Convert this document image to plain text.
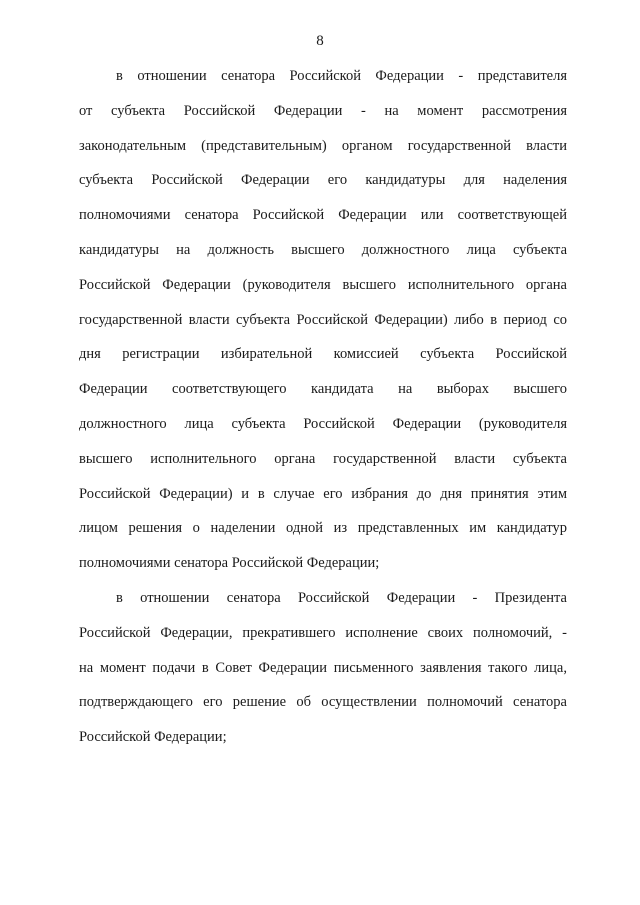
8
в отношении сенатора Российской Федерации - представителя
от субъекта Российской Федерации - на момент рассмотрения
законодательным (представительным) органом государственной власти
субъекта Российской Федерации его кандидатуры для наделения
полномочиями сенатора Российской Федерации или соответствующей
кандидатуры на должность высшего должностного лица субъекта
Российской Федерации (руководителя высшего исполнительного органа
государственной власти субъекта Российской Федерации) либо в период со
дня регистрации избирательной комиссией субъекта Российской
Федерации соответствующего кандидата на выборах высшего
должностного лица субъекта Российской Федерации (руководителя
высшего исполнительного органа государственной власти субъекта
Российской Федерации) и в случае его избрания до дня принятия этим
лицом решения о наделении одной из представленных им кандидатур
полномочиями сенатора Российской Федерации;
в отношении сенатора Российской Федерации - Президента
Российской Федерации, прекратившего исполнение своих полномочий, -
на момент подачи в Совет Федерации письменного заявления такого лица,
подтверждающего его решение об осуществлении полномочий сенатора
Российской Федерации;
